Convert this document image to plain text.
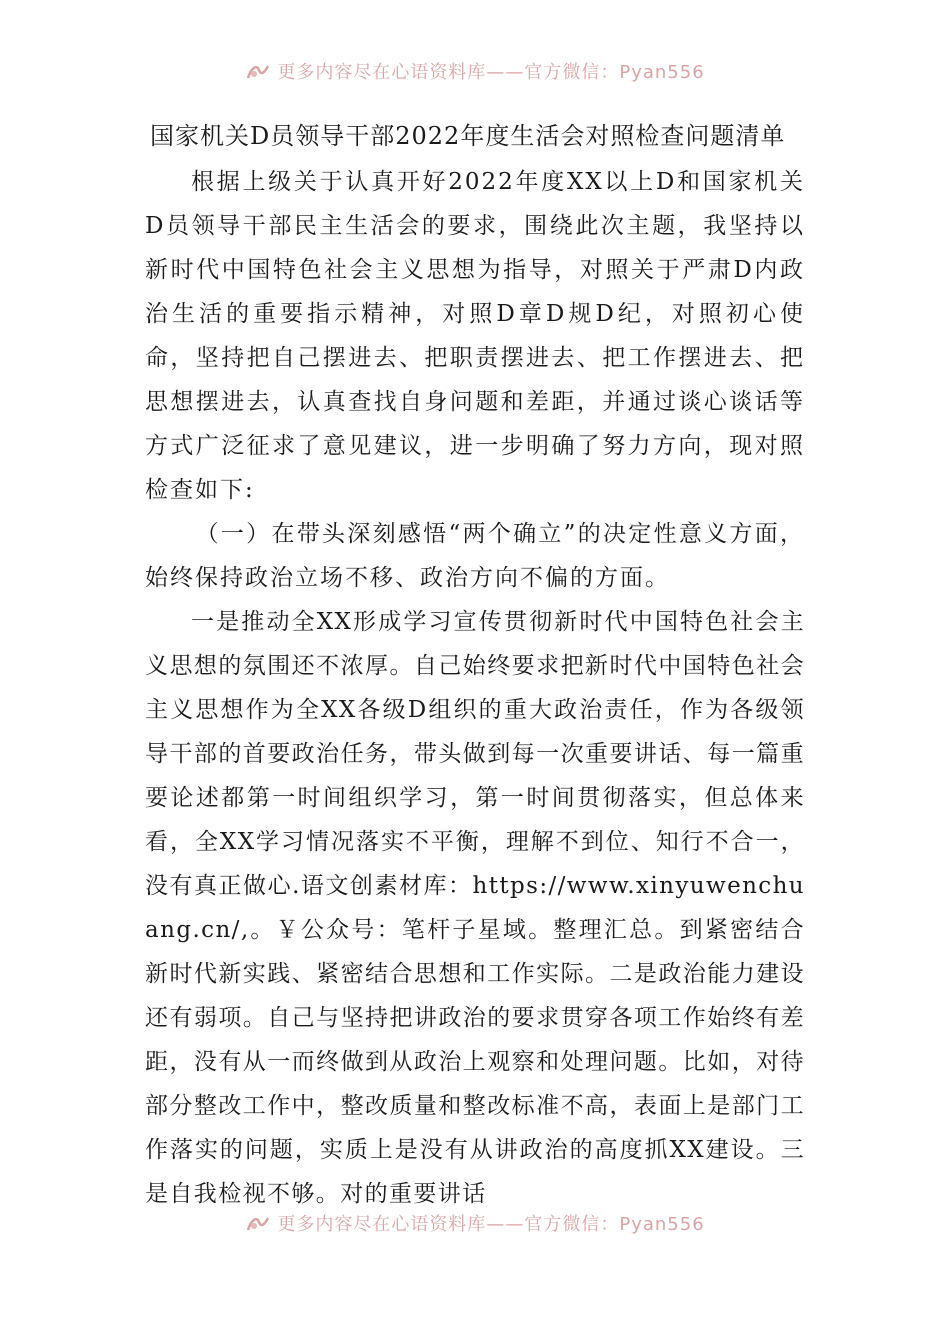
更多内容尽在心语资料库——官方微信：Pyan556
国家机关D员领导干部2022年度生活会对照检查问题清单

根据上级关于认真开好2022年度XX以上D和国家机关D员领导干部民主生活会的要求，围绕此次主题，我坚持以新时代中国特色社会主义思想为指导，对照关于严肃D内政治生活的重要指示精神，对照D章D规D纪，对照初心使命，坚持把自己摆进去、把职责摆进去、把工作摆进去、把思想摆进去，认真查找自身问题和差距，并通过谈心谈话等方式广泛征求了意见建议，进一步明确了努力方向，现对照检查如下:

（一）在带头深刻感悟“两个确立”的决定性意义方面，始终保持政治立场不移、政治方向不偏的方面。

一是推动全XX形成学习宣传贯彻新时代中国特色社会主义思想的氛围还不浓厚。自己始终要求把新时代中国特色社会主义思想作为全XX各级D组织的重大政治责任，作为各级领导干部的首要政治任务，带头做到每一次重要讲话、每一篇重要论述都第一时间组织学习，第一时间贯彻落实，但总体来看，全XX学习情况落实不平衡，理解不到位、知行不合一，没有真正做心.语文创素材库：https://www.xinyuwenchuang.cn/,。￥公众号：笔杆子星域。整理汇总。到紧密结合新时代新实践、紧密结合思想和工作实际。二是政治能力建设还有弱项。自己与坚持把讲政治的要求贯穿各项工作始终有差距，没有从一而终做到从政治上观察和处理问题。比如，对待部分整改工作中，整改质量和整改标准不高，表面上是部门工作落实的问题，实质上是没有从讲政治的高度抓XX建设。三是自我检视不够。对的重要讲话

更多内容尽在心语资料库——官方微信：Pyan556
